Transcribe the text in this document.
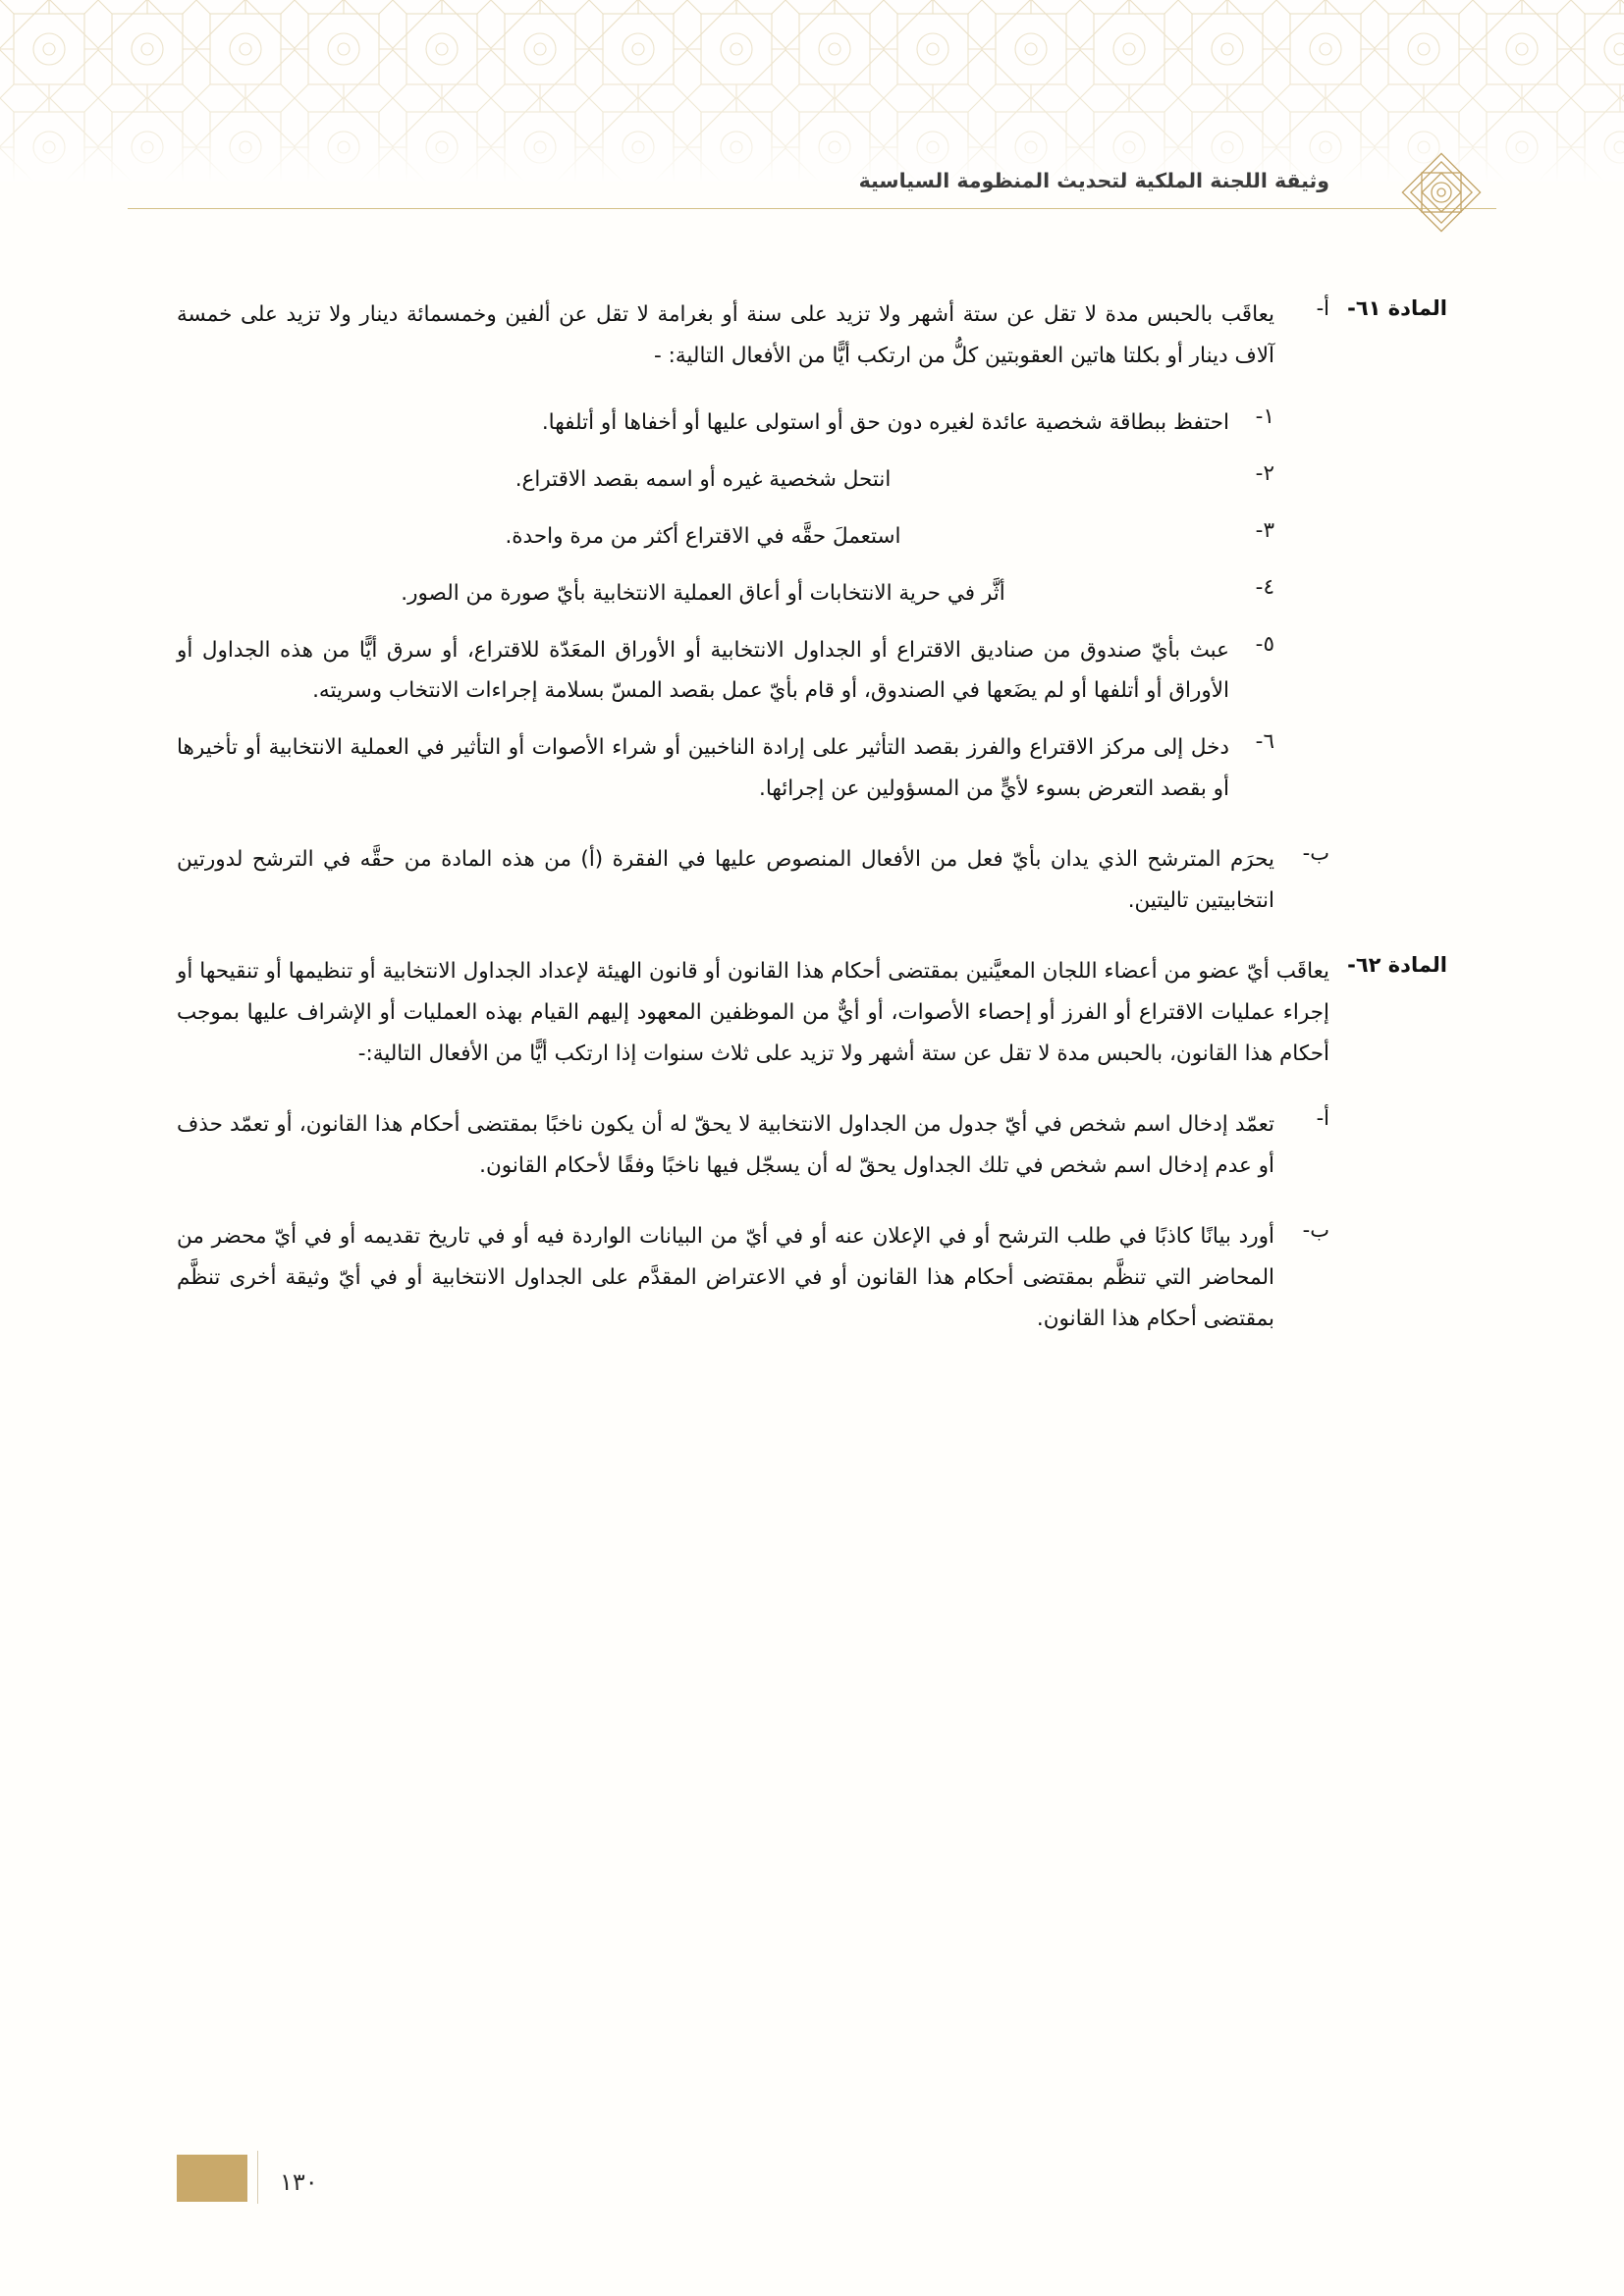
وثيقة اللجنة الملكية لتحديث المنظومة السياسية
المادة ٦١-
أ-
يعاقَب بالحبس مدة لا تقل عن ستة أشهر ولا تزيد على سنة أو بغرامة لا تقل عن ألفين وخمسمائة دينار ولا تزيد على خمسة آلاف دينار أو بكلتا هاتين العقوبتين كلُّ من ارتكب أيًّا من الأفعال التالية: -
١-
احتفظ ببطاقة شخصية عائدة لغيره دون حق أو استولى عليها أو أخفاها أو أتلفها.
٢-
انتحل شخصية غيره أو اسمه بقصد الاقتراع.
٣-
استعملَ حقَّه في الاقتراع أكثر من مرة واحدة.
٤-
أثَّر في حرية الانتخابات أو أعاق العملية الانتخابية بأيّ صورة من الصور.
٥-
عبث بأيّ صندوق من صناديق الاقتراع أو الجداول الانتخابية أو الأوراق المعَدّة للاقتراع، أو سرق أيًّا من هذه الجداول أو الأوراق أو أتلفها أو لم يضَعها في الصندوق، أو قام بأيّ عمل بقصد المسّ بسلامة إجراءات الانتخاب وسريته.
٦-
دخل إلى مركز الاقتراع والفرز بقصد التأثير على إرادة الناخبين أو شراء الأصوات أو التأثير في العملية الانتخابية أو تأخيرها أو بقصد التعرض بسوء لأيٍّ من المسؤولين عن إجرائها.
ب-
يحرَم المترشح الذي يدان بأيّ فعل من الأفعال المنصوص عليها في الفقرة (أ) من هذه المادة من حقَّه في الترشح لدورتين انتخابيتين تاليتين.
المادة ٦٢-
يعاقَب أيّ عضو من أعضاء اللجان المعيَّنين بمقتضى أحكام هذا القانون أو قانون الهيئة لإعداد الجداول الانتخابية أو تنظيمها أو تنقيحها أو إجراء عمليات الاقتراع أو الفرز أو إحصاء الأصوات، أو أيٌّ من الموظفين المعهود إليهم القيام بهذه العمليات أو الإشراف عليها بموجب أحكام هذا القانون، بالحبس مدة لا تقل عن ستة أشهر ولا تزيد على ثلاث سنوات إذا ارتكب أيًّا من الأفعال التالية:-
أ-
تعمّد إدخال اسم شخص في أيّ جدول من الجداول الانتخابية لا يحقّ له أن يكون ناخبًا بمقتضى أحكام هذا القانون، أو تعمّد حذف أو عدم إدخال اسم شخص في تلك الجداول يحقّ له أن يسجّل فيها ناخبًا وفقًا لأحكام القانون.
ب-
أورد بيانًا كاذبًا في طلب الترشح أو في الإعلان عنه أو في أيّ من البيانات الواردة فيه أو في تاريخ تقديمه أو في أيّ محضر من المحاضر التي تنظَّم بمقتضى أحكام هذا القانون أو في الاعتراض المقدَّم على الجداول الانتخابية أو في أيّ وثيقة أخرى تنظَّم بمقتضى أحكام هذا القانون.
١٣٠
